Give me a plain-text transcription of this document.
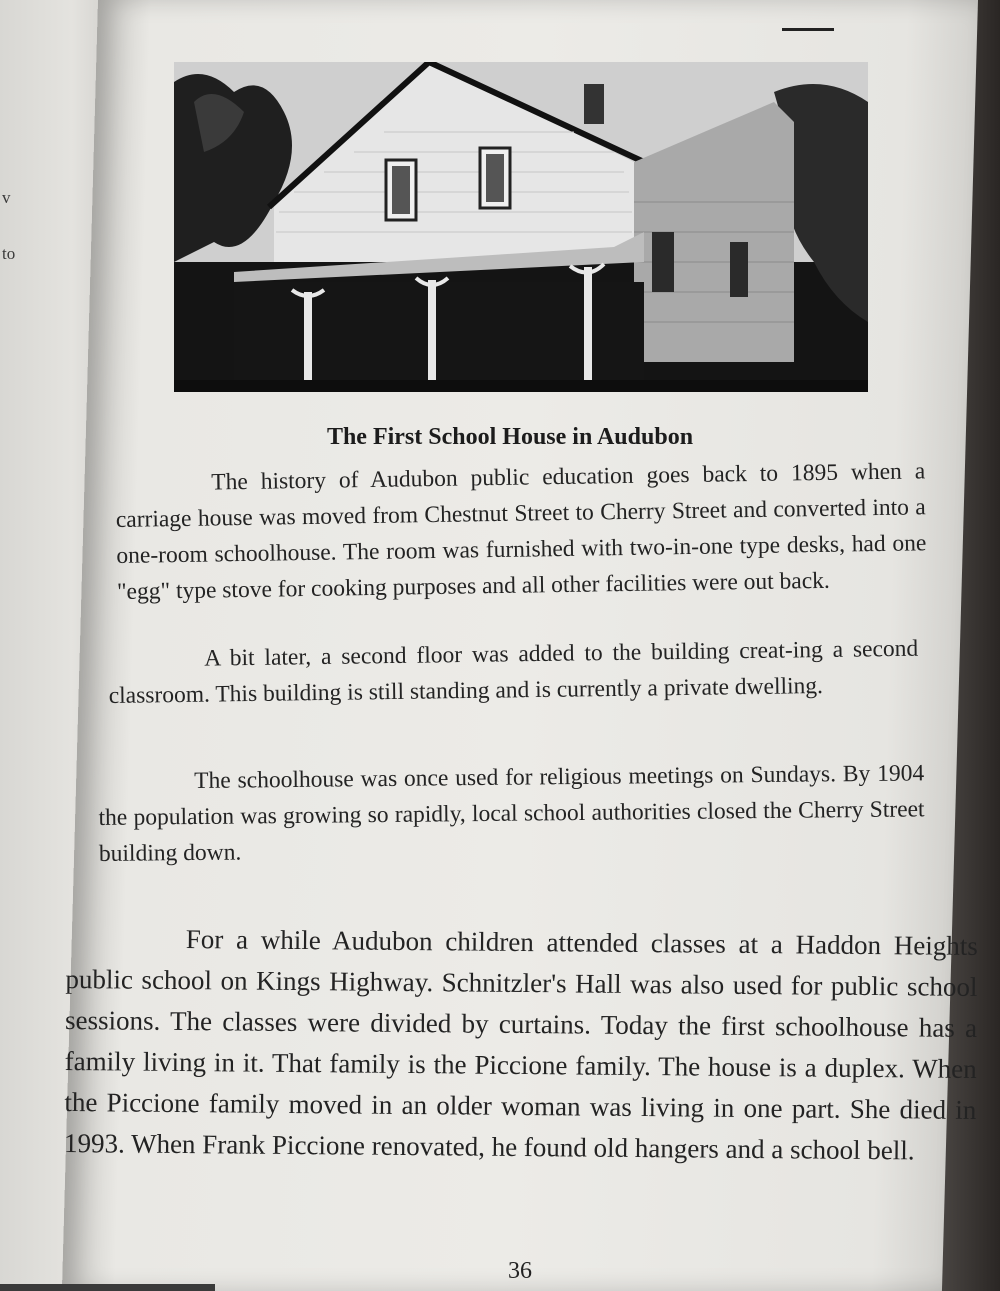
v
to
The First School House in Audubon

The history of Audubon public education goes back to 1895 when a carriage house was moved from Chestnut Street to Cherry Street and converted into a one-room schoolhouse. The room was furnished with two-in-one type desks, had one "egg" type stove for cooking purposes and all other facilities were out back.

A bit later, a second floor was added to the building creat-ing a second classroom. This building is still standing and is currently a private dwelling.

The schoolhouse was once used for religious meetings on Sundays. By 1904 the population was growing so rapidly, local school authorities closed the Cherry Street building down.

For a while Audubon children attended classes at a Haddon Heights public school on Kings Highway. Schnitzler's Hall was also used for public school sessions. The classes were divided by curtains. Today the first schoolhouse has a family living in it. That family is the Piccione family. The house is a duplex. When the Piccione family moved in an older woman was living in one part. She died in 1993. When Frank Piccione renovated, he found old hangers and a school bell.

36
